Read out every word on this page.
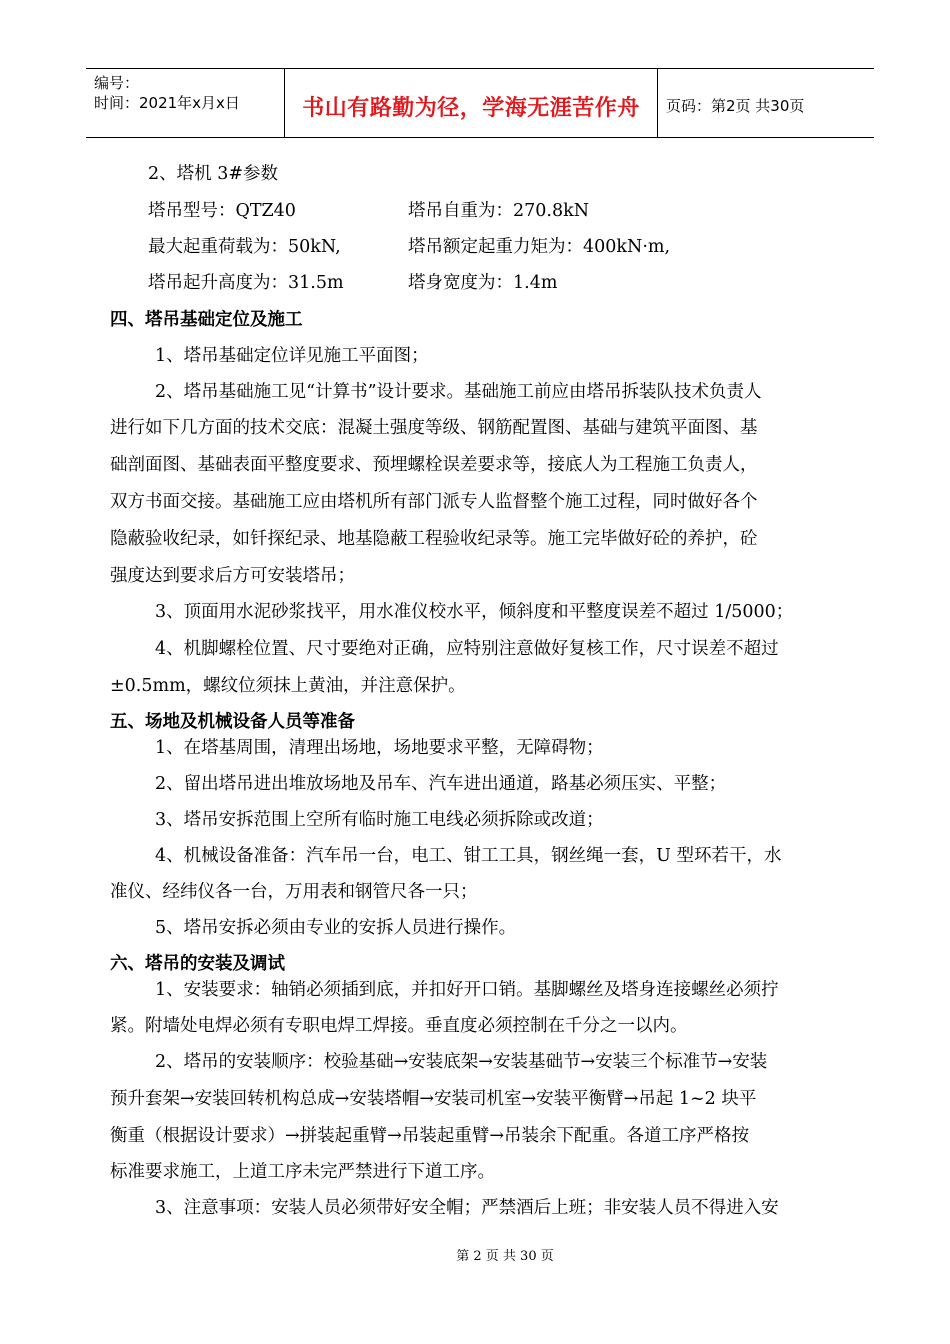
编号：
时间：2021年x月x日	书山有路勤为径，学海无涯苦作舟	页码：第2页 共30页
2、塔机 3#参数
塔吊型号：QTZ40	塔吊自重为：270.8kN
最大起重荷载为：50kN,	塔吊额定起重力矩为：400kN·m,
塔吊起升高度为：31.5m	塔身宽度为：1.4m
四、塔吊基础定位及施工
1、塔吊基础定位详见施工平面图；
2、塔吊基础施工见“计算书”设计要求。基础施工前应由塔吊拆装队技术负责人
进行如下几方面的技术交底：混凝土强度等级、钢筋配置图、基础与建筑平面图、基
础剖面图、基础表面平整度要求、预埋螺栓误差要求等，接底人为工程施工负责人，
双方书面交接。基础施工应由塔机所有部门派专人监督整个施工过程，同时做好各个
隐蔽验收纪录，如钎探纪录、地基隐蔽工程验收纪录等。施工完毕做好砼的养护，砼
强度达到要求后方可安装塔吊；
3、顶面用水泥砂浆找平，用水准仪校水平，倾斜度和平整度误差不超过 1/5000；
4、机脚螺栓位置、尺寸要绝对正确，应特别注意做好复核工作，尺寸误差不超过
±0.5mm，螺纹位须抹上黄油，并注意保护。
五、场地及机械设备人员等准备
1、在塔基周围，清理出场地，场地要求平整，无障碍物；
2、留出塔吊进出堆放场地及吊车、汽车进出通道，路基必须压实、平整；
3、塔吊安拆范围上空所有临时施工电线必须拆除或改道；
4、机械设备准备：汽车吊一台，电工、钳工工具，钢丝绳一套，U 型环若干，水
准仪、经纬仪各一台，万用表和钢管尺各一只；
5、塔吊安拆必须由专业的安拆人员进行操作。
六、塔吊的安装及调试
1、安装要求：轴销必须插到底，并扣好开口销。基脚螺丝及塔身连接螺丝必须拧
紧。附墙处电焊必须有专职电焊工焊接。垂直度必须控制在千分之一以内。
2、塔吊的安装顺序：校验基础→安装底架→安装基础节→安装三个标准节→安装
预升套架→安装回转机构总成→安装塔帽→安装司机室→安装平衡臂→吊起 1~2 块平
衡重（根据设计要求）→拼装起重臂→吊装起重臂→吊装余下配重。各道工序严格按
标准要求施工，上道工序未完严禁进行下道工序。
3、注意事项：安装人员必须带好安全帽；严禁酒后上班；非安装人员不得进入安
第 2 页 共 30 页
